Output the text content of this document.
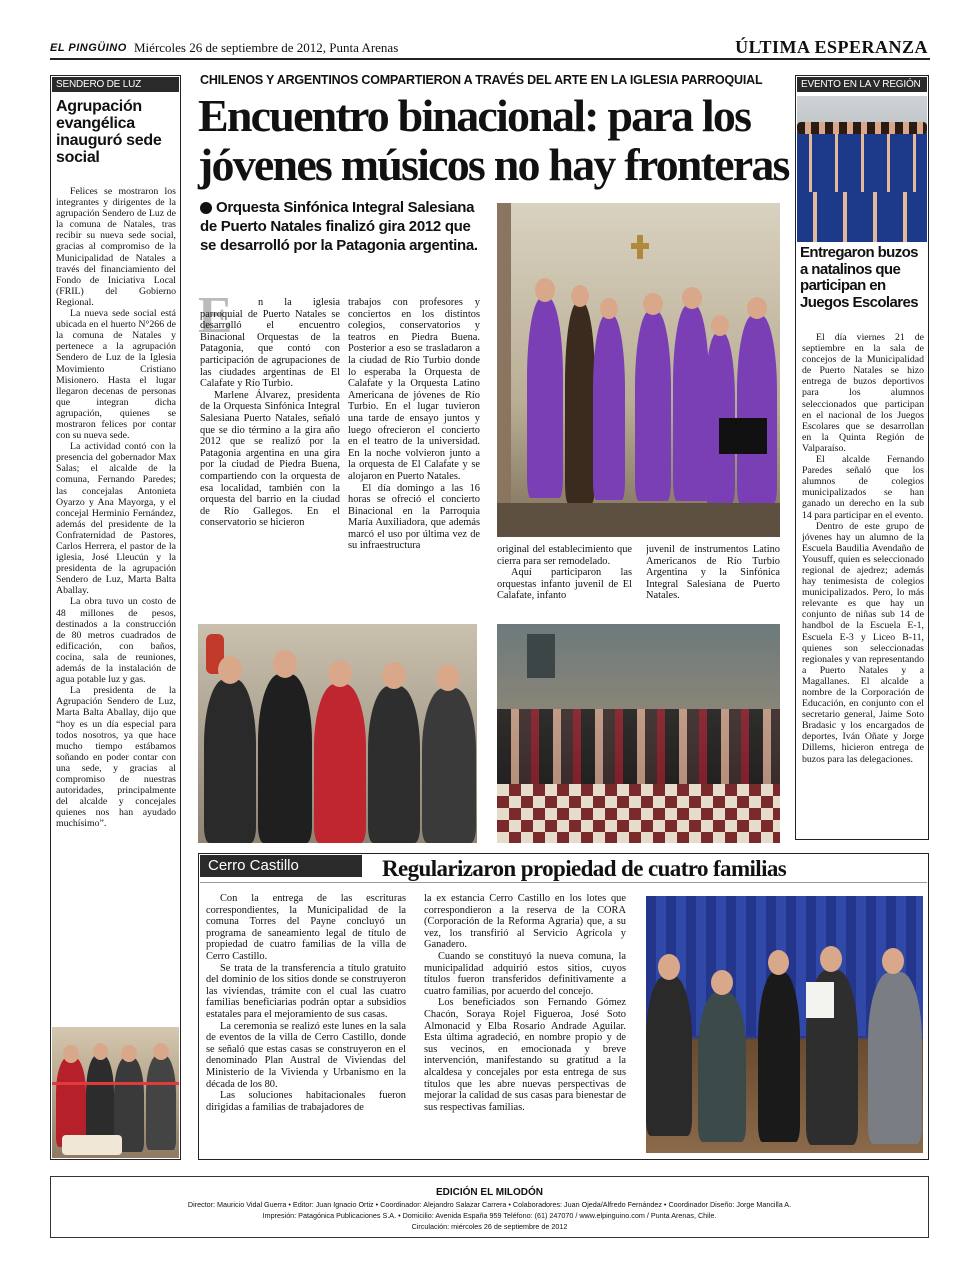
EL PINGÜINO Miércoles 26 de septiembre de 2012, Punta Arenas	ÚLTIMA ESPERANZA
SENDERO DE LUZ
Agrupación evangélica inauguró sede social

Felices se mostraron los integrantes y dirigentes de la agrupación Sendero de Luz de la comuna de Natales, tras recibir su nueva sede social, gracias al compromiso de la Municipalidad de Natales a través del financiamiento del Fondo de Iniciativa Local (FRIL) del Gobierno Regional.

La nueva sede social está ubicada en el huerto N°266 de la comuna de Natales y pertenece a la agrupación Sendero de Luz de la Iglesia Movimiento Cristiano Misionero. Hasta el lugar llegaron decenas de personas que integran dicha agrupación, quienes se mostraron felices por contar con su nueva sede.

La actividad contó con la presencia del gobernador Max Salas; el alcalde de la comuna, Fernando Paredes; las concejalas Antonieta Oyarzo y Ana Mayorga, y el concejal Herminio Fernández, además del presidente de la Confraternidad de Pastores, Carlos Herrera, el pastor de la iglesia, José Lleucún y la presidenta de la agrupación Sendero de Luz, Marta Balta Aballay.

La obra tuvo un costo de 48 millones de pesos, destinados a la construcción de 80 metros cuadrados de edificación, con baños, cocina, sala de reuniones, además de la instalación de agua potable luz y gas.

La presidenta de la Agrupación Sendero de Luz, Marta Balta Aballay, dijo que “hoy es un día especial para todos nosotros, ya que hace mucho tiempo estábamos soñando en poder contar con una sede, y gracias al compromiso de nuestras autoridades, principalmente del alcalde y concejales quienes nos han ayudado muchísimo”.

CHILENOS Y ARGENTINOS COMPARTIERON A TRAVÉS DEL ARTE EN LA IGLESIA PARROQUIAL
Encuentro binacional: para los
jóvenes músicos no hay fronteras
Orquesta Sinfónica Integral Salesiana de Puerto Natales finalizó gira 2012 que se desarrolló por la Patagonia argentina.
E	n la iglesia parroquial de Puerto Natales se desarrolló el encuentro Binacional Orquestas de la Patagonia, que contó con participación de agrupaciones de las ciudades argentinas de El Calafate y Río Turbio.

Marlene Álvarez, presidenta de la Orquesta Sinfónica Integral Salesiana Puerto Natales, señaló que se dio término a la gira año 2012 que se realizó por la Patagonia argentina en una gira por la ciudad de Piedra Buena, compartiendo con la orquesta de esa localidad, también con la orquesta del barrio en la ciudad de Río Gallegos. En el conservatorio se hicieron

trabajos con profesores y conciertos en los distintos colegios, conservatorios y teatros en Piedra Buena. Posterior a eso se trasladaron a la ciudad de Río Turbio donde lo esperaba la Orquesta de Calafate y la Orquesta Latino Americana de jóvenes de Río Turbio. En el lugar tuvieron una tarde de ensayo juntos y luego ofrecieron el concierto en el teatro de la universidad. En la noche volvieron junto a la orquesta de El Calafate y se alojaron en Puerto Natales.

El día domingo a las 16 horas se ofreció el concierto Binacional en la Parroquia María Auxiliadora, que además marcó el uso por última vez de su infraestructura	original del establecimiento que cierra para ser remodelado.

Aquí participaron las orquestas infanto juvenil de El Calafate, infanto

juvenil de instrumentos Latino Americanos de Río Turbio Argentina y la Sinfónica Integral Salesiana de Puerto Natales.
EVENTO EN LA V REGIÓN
Entregaron buzos a natalinos que participan en Juegos Escolares

El día viernes 21 de septiembre en la sala de concejos de la Municipalidad de Puerto Natales se hizo entrega de buzos deportivos para los alumnos seleccionados que participan en el nacional de los Juegos Escolares que se desarrollan en la Quinta Región de Valparaíso.

El alcalde Fernando Paredes señaló que los alumnos de colegios municipalizados se han ganado un derecho en la sub 14 para participar en el evento.

Dentro de este grupo de jóvenes hay un alumno de la Escuela Baudilia Avendaño de Yousuff, quien es seleccionado regional de ajedrez; además hay tenimesista de colegios municipalizados. Pero, lo más relevante es que hay un conjunto de niñas sub 14 de handbol de la Escuela E-1, Escuela E-3 y Liceo B-11, quienes son seleccionadas regionales y van representando a Puerto Natales y a Magallanes. El alcalde a nombre de la Corporación de Educación, en conjunto con el secretario general, Jaime Soto Bradasic y los encargados de deportes, Iván Oñate y Jorge Dillems, hicieron entrega de buzos para las delegaciones.

Cerro Castillo	Regularizaron propiedad de cuatro familias

Con la entrega de las escrituras correspondientes, la Municipalidad de la comuna Torres del Payne concluyó un programa de saneamiento legal de título de propiedad de cuatro familias de la villa de Cerro Castillo.

Se trata de la transferencia a título gratuito del dominio de los sitios donde se construyeron las viviendas, trámite con el cual las cuatro familias beneficiarias podrán optar a subsidios estatales para el mejoramiento de sus casas.

La ceremonia se realizó este lunes en la sala de eventos de la villa de Cerro Castillo, donde se señaló que estas casas se construyeron en el denominado Plan Austral de Viviendas del Ministerio de la Vivienda y Urbanismo en la década de los 80.

Las soluciones habitacionales fueron dirigidas a familias de trabajadores de

la ex estancia Cerro Castillo en los lotes que correspondieron a la reserva de la CORA (Corporación de la Reforma Agraria) que, a su vez, los transfirió al Servicio Agrícola y Ganadero.

Cuando se constituyó la nueva comuna, la municipalidad adquirió estos sitios, cuyos títulos fueron transferidos definitivamente a cuatro familias, por acuerdo del concejo.

Los beneficiados son Fernando Gómez Chacón, Soraya Rojel Figueroa, José Soto Almonacid y Elba Rosario Andrade Aguilar. Esta última agradeció, en nombre propio y de sus vecinos, en emocionada y breve intervención, manifestando su gratitud a la alcaldesa y concejales por esta entrega de sus títulos que les abre nuevas perspectivas de mejorar la calidad de sus casas para bienestar de sus respectivas familias.

EDICIÓN EL MILODÓN
Director: Mauricio Vidal Guerra • Editor: Juan Ignacio Ortiz • Coordinador: Alejandro Salazar Carrera • Colaboradores: Juan Ojeda/Alfredo Fernández • Coordinador Diseño: Jorge Mancilla A.
Impresión: Patagónica Publicaciones S.A. • Domicilio: Avenida España 959 Teléfono: (61) 247070 / www.elpinguino.com / Punta Arenas, Chile.
Circulación: miércoles 26 de septiembre de 2012
